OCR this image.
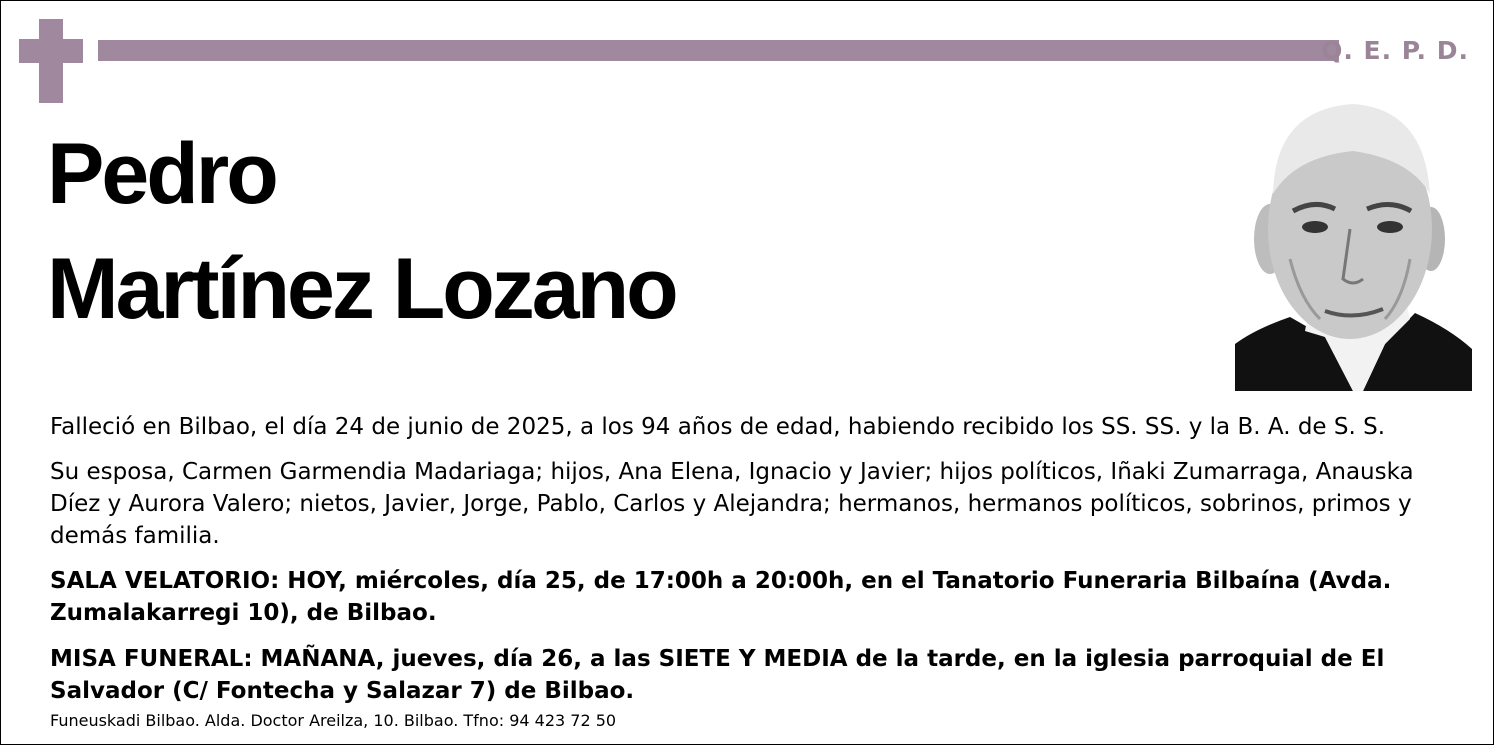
Q. E. P. D.
Pedro
Martínez Lozano
Falleció en Bilbao, el día 24 de junio de 2025, a los 94 años de edad, habiendo recibido los SS. SS. y la B. A. de S. S.
Su esposa, Carmen Garmendia Madariaga; hijos, Ana Elena, Ignacio y Javier; hijos políticos, Iñaki Zumarraga, Anauska Díez y Aurora Valero; nietos, Javier, Jorge, Pablo, Carlos y Alejandra; hermanos, hermanos políticos, sobrinos, primos y demás familia.
SALA VELATORIO: HOY, miércoles, día 25, de 17:00h a 20:00h, en el Tanatorio Funeraria Bilbaína (Avda. Zumalakarregi 10), de Bilbao.
MISA FUNERAL: MAÑANA, jueves, día 26, a las SIETE Y MEDIA de la tarde, en la iglesia parroquial de El Salvador (C/ Fontecha y Salazar 7) de Bilbao.
Funeuskadi Bilbao. Alda. Doctor Areilza, 10. Bilbao. Tfno: 94 423 72 50
